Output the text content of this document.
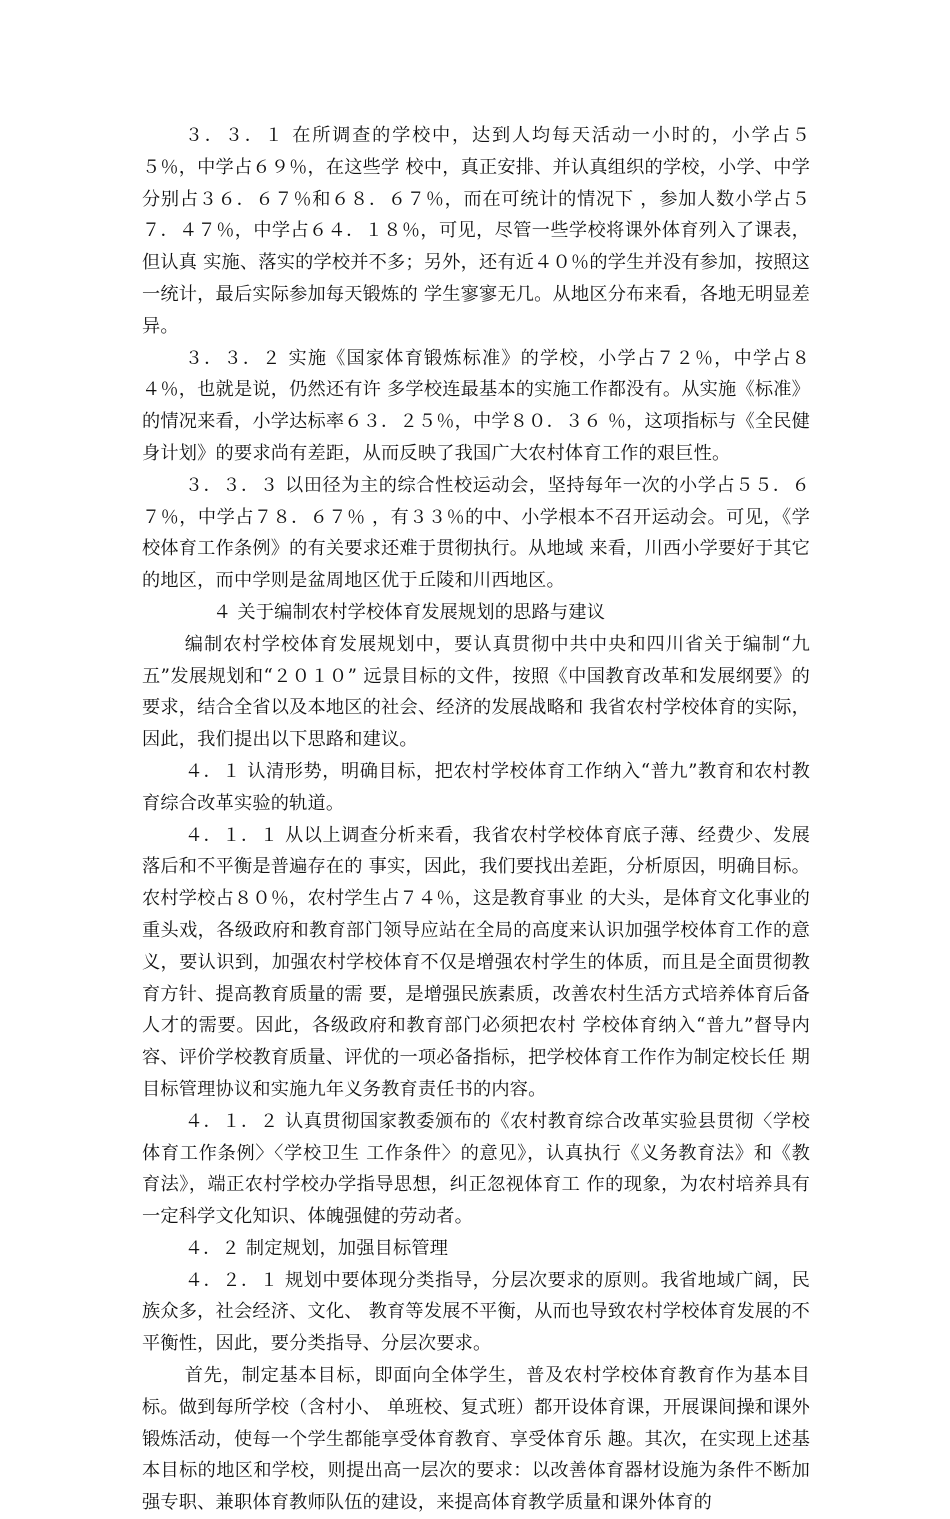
３．３．１ 在所调查的学校中，达到人均每天活动一小时的，小学占５５％，中学占６９％，在这些学 校中，真正安排、并认真组织的学校，小学、中学分别占３６．６７％和６８．６７％，而在可统计的情况下 ，参加人数小学占５７．４７％，中学占６４．１８％，可见，尽管一些学校将课外体育列入了课表，但认真 实施、落实的学校并不多；另外，还有近４０％的学生并没有参加，按照这一统计，最后实际参加每天锻炼的 学生寥寥无几。从地区分布来看，各地无明显差异。

３．３．２ 实施《国家体育锻炼标准》的学校，小学占７２％，中学占８４％，也就是说，仍然还有许 多学校连最基本的实施工作都没有。从实施《标准》的情况来看，小学达标率６３．２５％，中学８０．３６ ％，这项指标与《全民健身计划》的要求尚有差距，从而反映了我国广大农村体育工作的艰巨性。

３．３．３ 以田径为主的综合性校运动会，坚持每年一次的小学占５５．６７％，中学占７８．６７％ ，有３３％的中、小学根本不召开运动会。可见，《学校体育工作条例》的有关要求还难于贯彻执行。从地域 来看，川西小学要好于其它的地区，而中学则是盆周地区优于丘陵和川西地区。

４ 关于编制农村学校体育发展规划的思路与建议

编制农村学校体育发展规划中，要认真贯彻中共中央和四川省关于编制“九五”发展规划和“２０１０” 远景目标的文件，按照《中国教育改革和发展纲要》的要求，结合全省以及本地区的社会、经济的发展战略和 我省农村学校体育的实际，因此，我们提出以下思路和建议。

４．１ 认清形势，明确目标，把农村学校体育工作纳入“普九”教育和农村教育综合改革实验的轨道。

４．１．１ 从以上调查分析来看，我省农村学校体育底子薄、经费少、发展落后和不平衡是普遍存在的 事实，因此，我们要找出差距，分析原因，明确目标。农村学校占８０％，农村学生占７４％，这是教育事业 的大头，是体育文化事业的重头戏，各级政府和教育部门领导应站在全局的高度来认识加强学校体育工作的意 义，要认识到，加强农村学校体育不仅是增强农村学生的体质，而且是全面贯彻教育方针、提高教育质量的需 要，是增强民族素质，改善农村生活方式培养体育后备人才的需要。因此，各级政府和教育部门必须把农村 学校体育纳入“普九”督导内容、评价学校教育质量、评优的一项必备指标，把学校体育工作作为制定校长任 期目标管理协议和实施九年义务教育责任书的内容。

４．１．２ 认真贯彻国家教委颁布的《农村教育综合改革实验县贯彻〈学校体育工作条例〉〈学校卫生 工作条件〉的意见》，认真执行《义务教育法》和《教育法》，端正农村学校办学指导思想，纠正忽视体育工 作的现象，为农村培养具有一定科学文化知识、体魄强健的劳动者。

４．２ 制定规划，加强目标管理

４．２．１ 规划中要体现分类指导，分层次要求的原则。我省地域广阔，民族众多，社会经济、文化、 教育等发展不平衡，从而也导致农村学校体育发展的不平衡性，因此，要分类指导、分层次要求。

首先，制定基本目标，即面向全体学生，普及农村学校体育教育作为基本目标。做到每所学校（含村小、 单班校、复式班）都开设体育课，开展课间操和课外锻炼活动，使每一个学生都能享受体育教育、享受体育乐 趣。其次，在实现上述基本目标的地区和学校，则提出高一层次的要求：以改善体育器材设施为条件不断加 强专职、兼职体育教师队伍的建设，来提高体育教学质量和课外体育的
